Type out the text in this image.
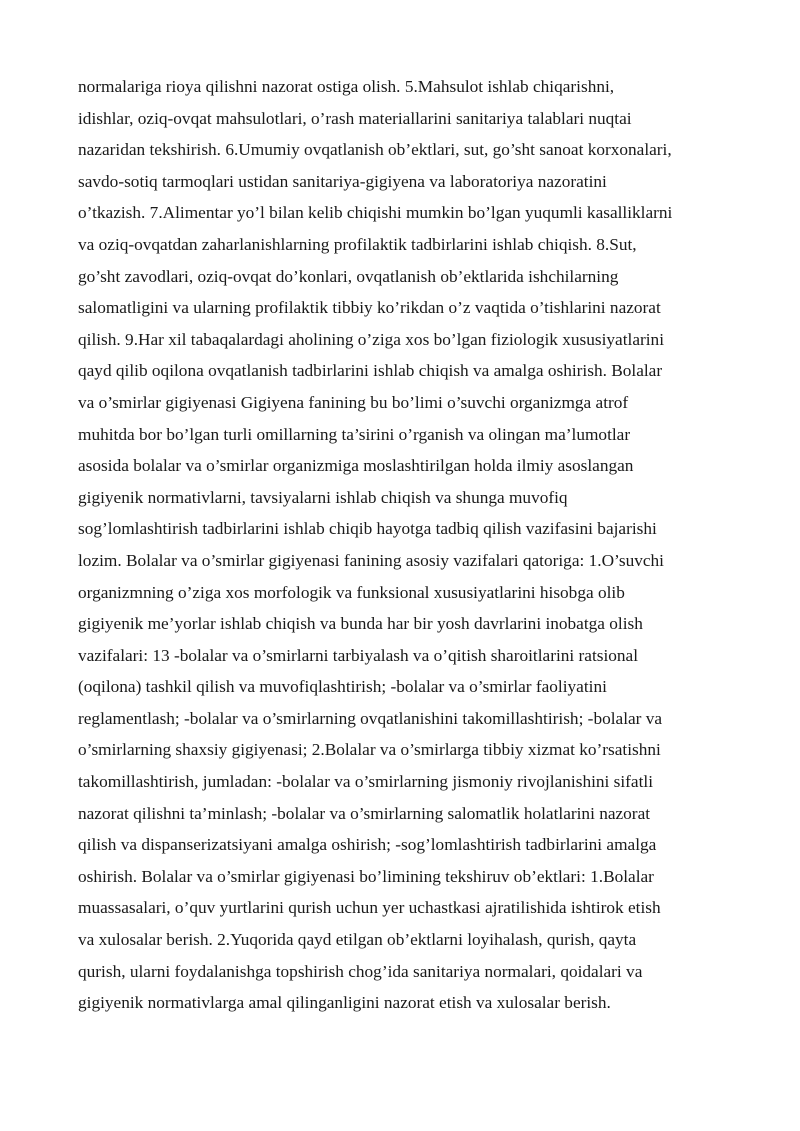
normalariga rioya qilishni nazorat ostiga olish. 5.Mahsulot ishlab chiqarishni,
idishlar, oziq-ovqat mahsulotlari, o’rash materiallarini sanitariya talablari nuqtai
nazaridan tekshirish. 6.Umumiy ovqatlanish ob’ektlari, sut, go’sht sanoat korxonalari,
savdo-sotiq tarmoqlari ustidan sanitariya-gigiyena va laboratoriya nazoratini
o’tkazish. 7.Alimentar yo’l bilan kelib chiqishi mumkin bo’lgan yuqumli kasalliklarni
va oziq-ovqatdan zaharlanishlarning profilaktik tadbirlarini ishlab chiqish. 8.Sut,
go’sht zavodlari, oziq-ovqat do’konlari, ovqatlanish ob’ektlarida ishchilarning
salomatligini va ularning profilaktik tibbiy ko’rikdan o’z vaqtida o’tishlarini nazorat
qilish. 9.Har xil tabaqalardagi aholining o’ziga xos bo’lgan fiziologik xususiyatlarini
qayd qilib oqilona ovqatlanish tadbirlarini ishlab chiqish va amalga oshirish. Bolalar
va o’smirlar gigiyenasi Gigiyena fanining bu bo’limi o’suvchi organizmga atrof
muhitda bor bo’lgan turli omillarning ta’sirini o’rganish va olingan ma’lumotlar
asosida bolalar va o’smirlar organizmiga moslashtirilgan holda ilmiy asoslangan
gigiyenik normativlarni, tavsiyalarni ishlab chiqish va shunga muvofiq
sog’lomlashtirish tadbirlarini ishlab chiqib hayotga tadbiq qilish vazifasini bajarishi
lozim. Bolalar va o’smirlar gigiyenasi fanining asosiy vazifalari qatoriga: 1.O’suvchi
organizmning o’ziga xos morfologik va funksional xususiyatlarini hisobga olib
gigiyenik me’yorlar ishlab chiqish va bunda har bir yosh davrlarini inobatga olish
vazifalari: 13 -bolalar va o’smirlarni tarbiyalash va o’qitish sharoitlarini ratsional
(oqilona) tashkil qilish va muvofiqlashtirish; -bolalar va o’smirlar faoliyatini
reglamentlash; -bolalar va o’smirlarning ovqatlanishini takomillashtirish; -bolalar va
o’smirlarning shaxsiy gigiyenasi; 2.Bolalar va o’smirlarga tibbiy xizmat ko’rsatishni
takomillashtirish, jumladan: -bolalar va o’smirlarning jismoniy rivojlanishini sifatli
nazorat qilishni ta’minlash; -bolalar va o’smirlarning salomatlik holatlarini nazorat
qilish va dispanserizatsiyani amalga oshirish; -sog’lomlashtirish tadbirlarini amalga
oshirish. Bolalar va o’smirlar gigiyenasi bo’limining tekshiruv ob’ektlari: 1.Bolalar
muassasalari, o’quv yurtlarini qurish uchun yer uchastkasi ajratilishida ishtirok etish
va xulosalar berish. 2.Yuqorida qayd etilgan ob’ektlarni loyihalash, qurish, qayta
qurish, ularni foydalanishga topshirish chog’ida sanitariya normalari, qoidalari va
gigiyenik normativlarga amal qilinganligini nazorat etish va xulosalar berish.
